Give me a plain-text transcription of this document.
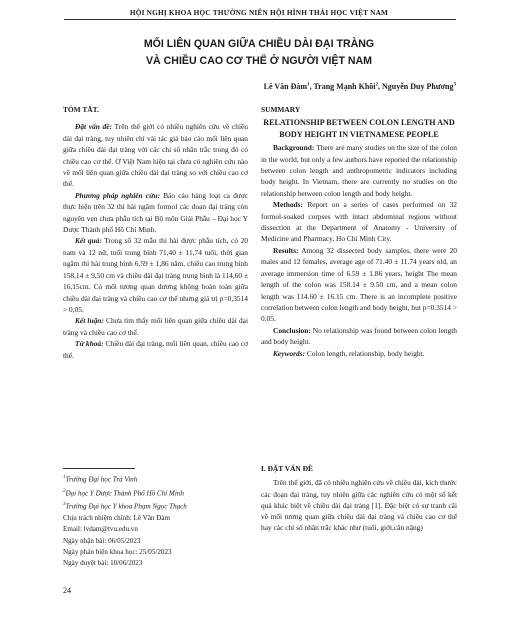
HỘI NGHỊ KHOA HỌC THƯỜNG NIÊN HỘI HÌNH THÁI HỌC VIỆT NAM
MỐI LIÊN QUAN GIỮA CHIỀU DÀI ĐẠI TRÀNG
VÀ CHIỀU CAO CƠ THỂ Ở NGƯỜI VIỆT NAM
Lê Văn Đàm$^1$, Trang Mạnh Khôi$^2$, Nguyễn Duy Phương$^3$
TÓM TẮT.

Đặt vấn đề: Trên thế giới có nhiều nghiên cứu về chiều dài đại tràng, tuy nhiên chỉ vài tác giả báo cáo mối liên quan giữa chiều dài đại tràng với các chỉ số nhân trắc trong đó có chiều cao cơ thể. Ở Việt Nam hiện tại chưa có nghiên cứu nào về mối liên quan giữa chiều dài đại tràng so với chiều cao cơ thể.

Phương pháp nghiên cứu: Báo cáo hàng loạt ca được thực hiện trên 32 thi hài ngâm formol các đoạn đại tràng còn nguyên vẹn chưa phẫu tích tại Bộ môn Giải Phẫu – Đại học Y Dược Thành phố Hồ Chí Minh.

Kết quả: Trong số 32 mẫu thi hài được phẫu tích, có 20 nam và 12 nữ, tuổi trung bình 71,40 ± 11,74 tuổi, thời gian ngâm thi hài trung bình 6,59 ± 1,86 năm, chiều cao trung bình 158,14 ± 9,50 cm và chiều dài đại tràng trung bình là 114,60 ± 16,15cm. Có mối tương quan dương không hoàn toàn giữa chiều dài đại tràng và chiều cao cơ thể nhưng giá trị p=0,3514 > 0,05.

Kết luận: Chưa tìm thấy mối liên quan giữa chiều dài đại tràng và chiều cao cơ thể.

Từ khoá: Chiều dài đại tràng, mối liên quan, chiều cao cơ thể.

SUMMARY
RELATIONSHIP BETWEEN COLON LENGTH AND BODY HEIGHT IN VIETNAMESE PEOPLE

Background: There are many studies on the size of the colon in the world, but only a few authors have reported the relationship between colon length and anthropometric indicators including body height. In Vietnam, there are currently no studies on the relationship between colon length and body height.

Methods: Report on a series of cases performed on 32 formol-soaked corpses with intact abdominal regions without dissection at the Department of Anatomy - University of Medicine and Pharmacy, Ho Chi Minh City.

Results: Among 32 dissected body samples, there were 20 males and 12 females, average age of 71.40 ± 11.74 years old, an average immersion time of 6.59 ± 1.86 years, height The mean length of the colon was 158.14 ± 9.50 cm, and a mean colon length was 114.60 ± 16.15 cm. There is an incomplete positive correlation between colon length and body height, but p=0.3514 > 0.05.

Conclusion: No relationship was found between colon length and body height.

Keywords: Colon length, relationship, body height.

$^1$Trường Đại học Trà Vinh
$^2$Đại học Y Dược Thành Phố Hồ Chí Minh
$^3$Trường Đại học Y khoa Phạm Ngọc Thạch
Chịu trách nhiệm chính: Lê Văn Đàm
Email: lvdam@tvu.edu.vn
Ngày nhận bài: 06/05/2023
Ngày phản biện khoa học: 25/05/2023
Ngày duyệt bài: 10/06/2023
I. ĐẶT VẤN ĐỀ

Trên thế giới, đã có nhiều nghiên cứu về chiều dài, kích thước các đoạn đại tràng, tuy nhiên giữa các nghiên cứu có một số kết quả khác biệt về chiều dài đại tràng [1]. Đặc biệt có sự tranh cãi về mối tương quan giữa chiều dài đại tràng và chiều cao cơ thể hay các chỉ số nhân trắc khác như (tuổi, giới,cân nặng)

24
